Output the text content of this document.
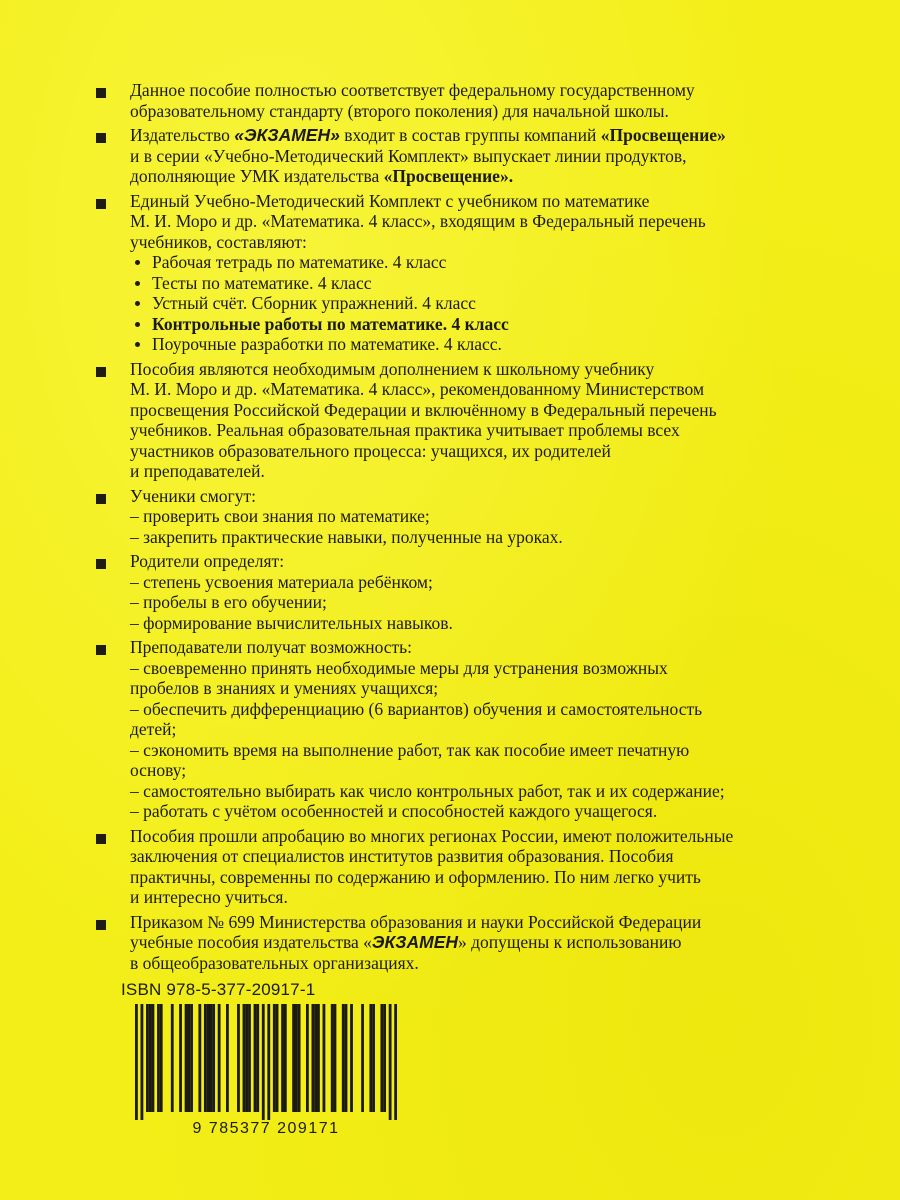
Данное пособие полностью соответствует федеральному государственному
образовательному стандарту (второго поколения) для начальной школы.
Издательство «ЭКЗАМЕН» входит в состав группы компаний «Просвещение»
и в серии «Учебно-Методический Комплект» выпускает линии продуктов,
дополняющие УМК издательства «Просвещение».
Единый Учебно-Методический Комплект с учебником по математике
М. И. Моро и др. «Математика. 4 класс», входящим в Федеральный перечень
учебников, составляют:
Рабочая тетрадь по математике. 4 класс
Тесты по математике. 4 класс
Устный счёт. Сборник упражнений. 4 класс
Контрольные работы по математике. 4 класс
Поурочные разработки по математике. 4 класс.
Пособия являются необходимым дополнением к школьному учебнику
М. И. Моро и др. «Математика. 4 класс», рекомендованному Министерством
просвещения Российской Федерации и включённому в Федеральный перечень
учебников. Реальная образовательная практика учитывает проблемы всех
участников образовательного процесса: учащихся, их родителей
и преподавателей.
Ученики смогут:
– проверить свои знания по математике;
– закрепить практические навыки, полученные на уроках.
Родители определят:
– степень усвоения материала ребёнком;
– пробелы в его обучении;
– формирование вычислительных навыков.
Преподаватели получат возможность:
– своевременно принять необходимые меры для устранения возможных
пробелов в знаниях и умениях учащихся;
– обеспечить дифференциацию (6 вариантов) обучения и самостоятельность
детей;
– сэкономить время на выполнение работ, так как пособие имеет печатную
основу;
– самостоятельно выбирать как число контрольных работ, так и их содержание;
– работать с учётом особенностей и способностей каждого учащегося.
Пособия прошли апробацию во многих регионах России, имеют положительные
заключения от специалистов институтов развития образования. Пособия
практичны, современны по содержанию и оформлению. По ним легко учить
и интересно учиться.
Приказом № 699 Министерства образования и науки Российской Федерации
учебные пособия издательства «ЭКЗАМЕН» допущены к использованию
в общеобразовательных организациях.
ISBN 978-5-377-20917-1
9 785377 209171
